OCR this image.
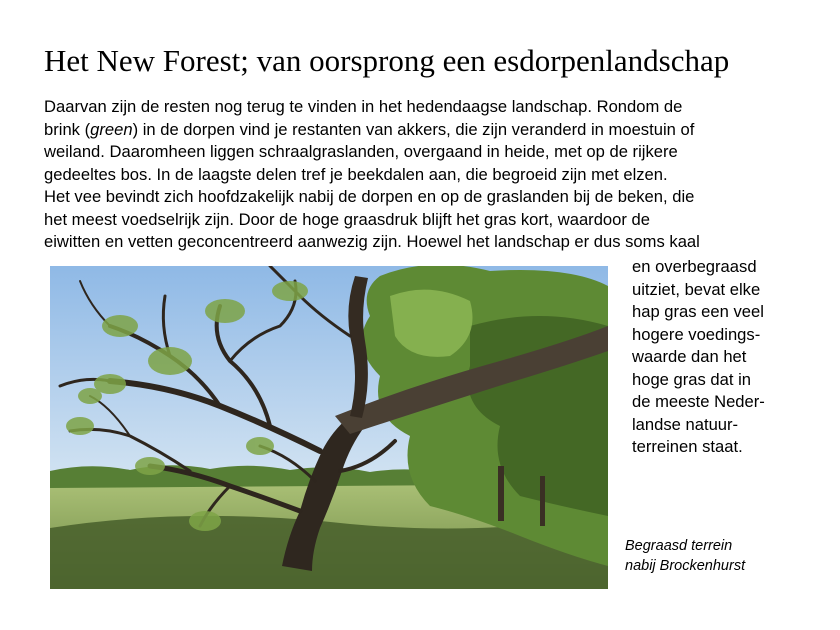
Het New Forest; van oorsprong een esdorpenlandschap
Daarvan zijn de resten nog terug te vinden in het hedendaagse landschap. Rondom de
brink (green) in de dorpen vind je restanten van akkers, die zijn veranderd in moestuin of
weiland. Daaromheen liggen schraalgraslanden, overgaand in heide, met op de rijkere
gedeeltes bos. In de laagste delen tref je beekdalen aan, die begroeid zijn met elzen.
Het vee bevindt zich hoofdzakelijk nabij de dorpen en op de graslanden bij de beken, die
het meest voedselrijk zijn. Door de hoge graasdruk blijft het gras kort, waardoor de
eiwitten en vetten geconcentreerd aanwezig zijn. Hoewel het landschap er dus soms kaal
en overbegraasd
uitziet, bevat elke
hap gras een veel
hogere voedings-
waarde dan het
hoge gras dat in
de meeste Neder-
landse natuur-
terreinen staat.
Begraasd terrein
nabij Brockenhurst
